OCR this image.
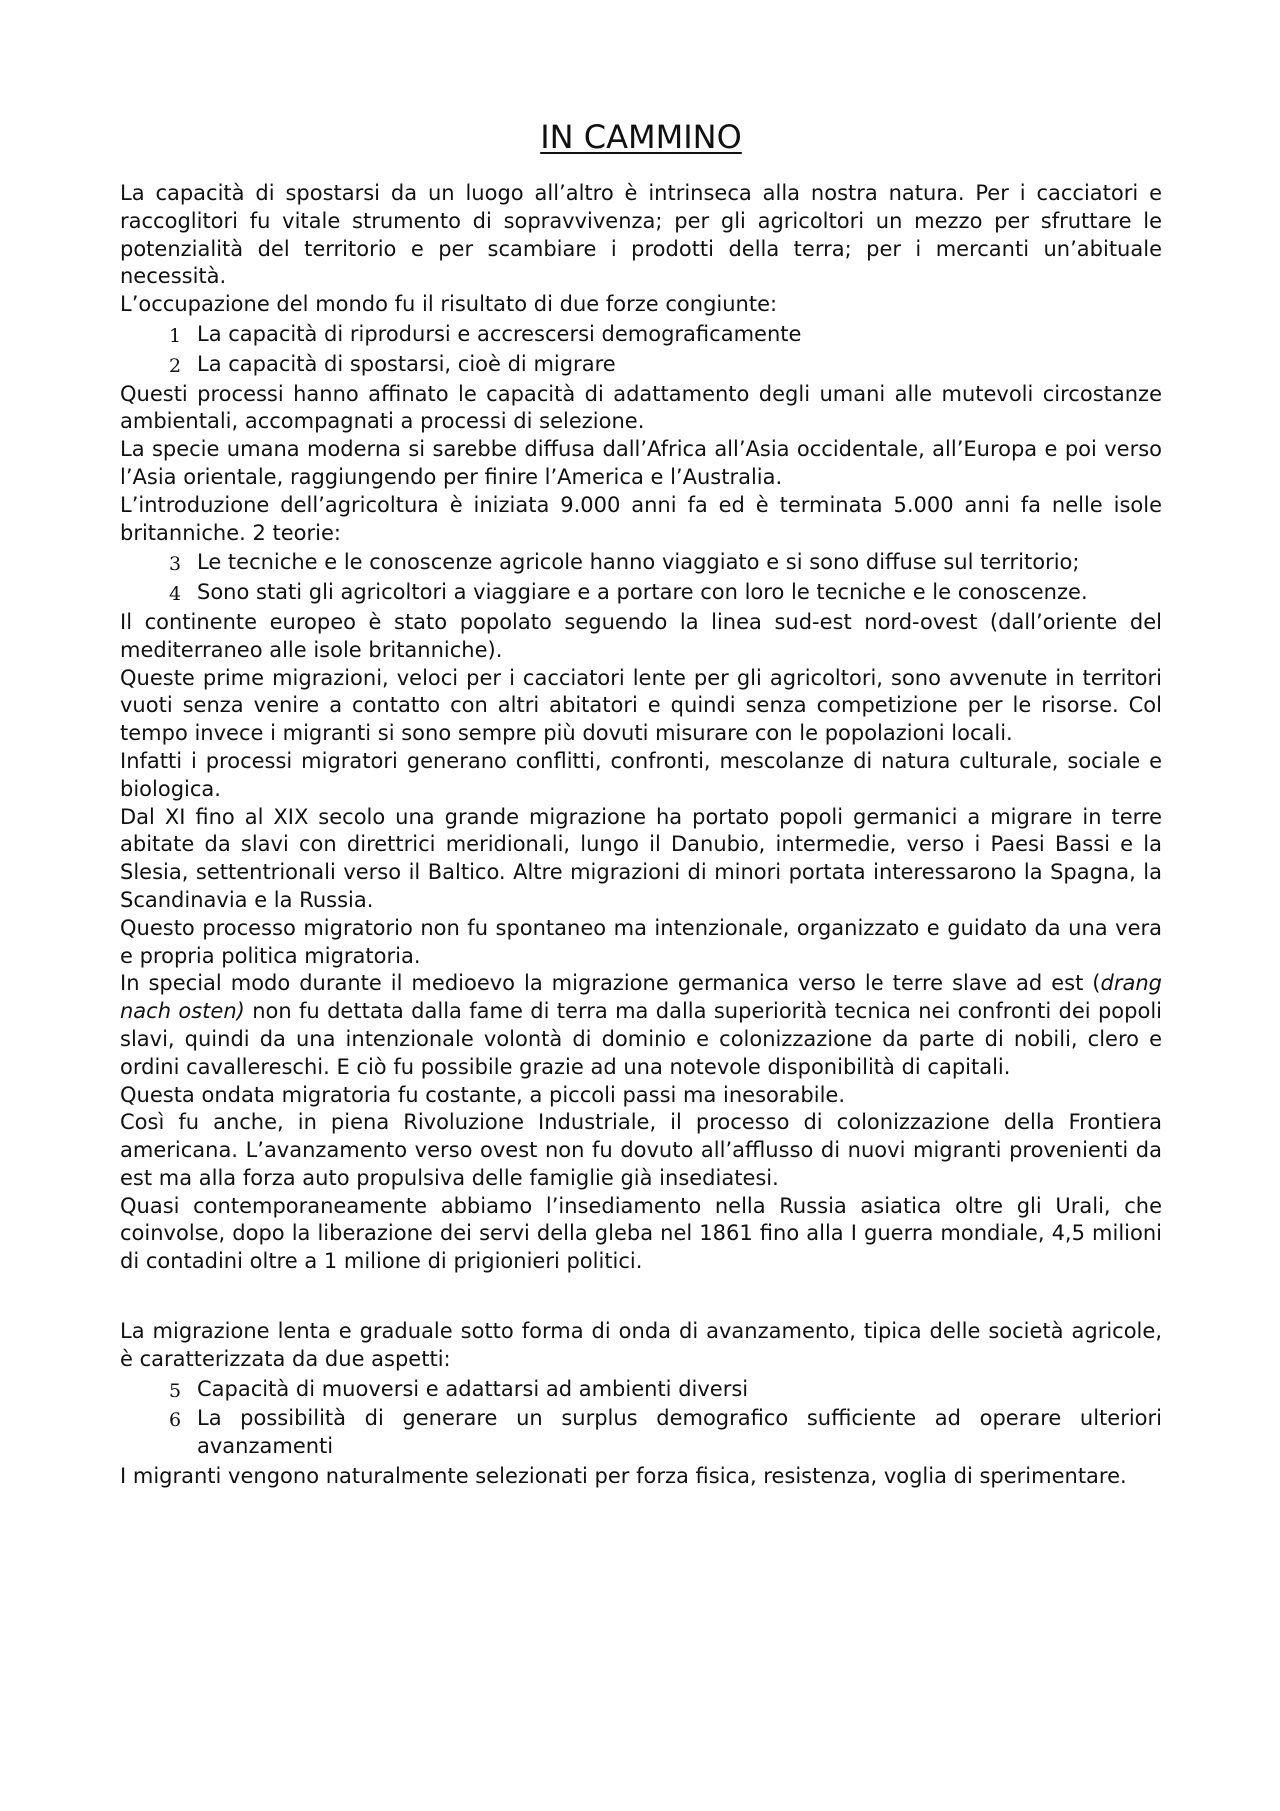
IN CAMMINO

La capacità di spostarsi da un luogo all’altro è intrinseca alla nostra natura. Per i cacciatori e raccoglitori fu vitale strumento di sopravvivenza; per gli agricoltori un mezzo per sfruttare le potenzialità del territorio e per scambiare i prodotti della terra; per i mercanti un’abituale necessità.

L’occupazione del mondo fu il risultato di due forze congiunte:

1 La capacità di riprodursi e accrescersi demograficamente
2 La capacità di spostarsi, cioè di migrare

Questi processi hanno affinato le capacità di adattamento degli umani alle mutevoli circostanze ambientali, accompagnati a processi di selezione.

La specie umana moderna si sarebbe diffusa dall’Africa all’Asia occidentale, all’Europa e poi verso l’Asia orientale, raggiungendo per finire l’America e l’Australia.

L’introduzione dell’agricoltura è iniziata 9.000 anni fa ed è terminata 5.000 anni fa nelle isole britanniche. 2 teorie:

3 Le tecniche e le conoscenze agricole hanno viaggiato e si sono diffuse sul territorio;
4 Sono stati gli agricoltori a viaggiare e a portare con loro le tecniche e le conoscenze.

Il continente europeo è stato popolato seguendo la linea sud-est nord-ovest (dall’oriente del mediterraneo alle isole britanniche).

Queste prime migrazioni, veloci per i cacciatori lente per gli agricoltori, sono avvenute in territori vuoti senza venire a contatto con altri abitatori e quindi senza competizione per le risorse. Col tempo invece i migranti si sono sempre più dovuti misurare con le popolazioni locali.

Infatti i processi migratori generano conflitti, confronti, mescolanze di natura culturale, sociale e biologica.

Dal XI fino al XIX secolo una grande migrazione ha portato popoli germanici a migrare in terre abitate da slavi con direttrici meridionali, lungo il Danubio, intermedie, verso i Paesi Bassi e la Slesia, settentrionali verso il Baltico. Altre migrazioni di minori portata interessarono la Spagna, la Scandinavia e la Russia.

Questo processo migratorio non fu spontaneo ma intenzionale, organizzato e guidato da una vera e propria politica migratoria.

In special modo durante il medioevo la migrazione germanica verso le terre slave ad est (drang nach osten) non fu dettata dalla fame di terra ma dalla superiorità tecnica nei confronti dei popoli slavi, quindi da una intenzionale volontà di dominio e colonizzazione da parte di nobili, clero e ordini cavallereschi. E ciò fu possibile grazie ad una notevole disponibilità di capitali.

Questa ondata migratoria fu costante, a piccoli passi ma inesorabile.

Così fu anche, in piena Rivoluzione Industriale, il processo di colonizzazione della Frontiera americana. L’avanzamento verso ovest non fu dovuto all’afflusso di nuovi migranti provenienti da est ma alla forza auto propulsiva delle famiglie già insediatesi.

Quasi contemporaneamente abbiamo l’insediamento nella Russia asiatica oltre gli Urali, che coinvolse, dopo la liberazione dei servi della gleba nel 1861 fino alla I guerra mondiale, 4,5 milioni di contadini oltre a 1 milione di prigionieri politici.

La migrazione lenta e graduale sotto forma di onda di avanzamento, tipica delle società agricole, è caratterizzata da due aspetti:

5 Capacità di muoversi e adattarsi ad ambienti diversi
6 La possibilità di generare un surplus demografico sufficiente ad operare ulteriori avanzamenti

I migranti vengono naturalmente selezionati per forza fisica, resistenza, voglia di sperimentare.
